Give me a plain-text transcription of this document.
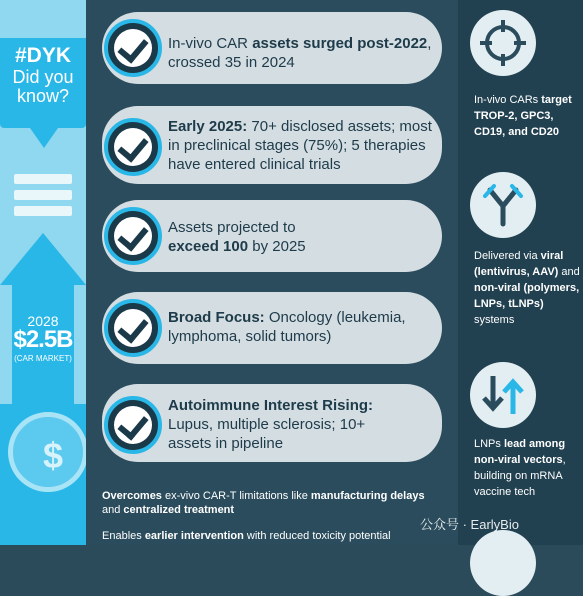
#DYK
Did you know?
2028
$2.5B
(CAR MARKET)
$
In-vivo CAR assets surged post-2022, crossed 35 in 2024
Early 2025: 70+ disclosed assets; most in preclinical stages (75%); 5 therapies have entered clinical trials
Assets projected to exceed 100 by 2025
Broad Focus: Oncology (leukemia, lymphoma, solid tumors)
Autoimmune Interest Rising: Lupus, multiple sclerosis; 10+ assets in pipeline
Overcomes ex-vivo CAR-T limitations like manufacturing delays and centralized treatment
Enables earlier intervention with reduced toxicity potential
In-vivo CARs target TROP-2, GPC3, CD19, and CD20
Delivered via viral (lentivirus, AAV) and non-viral (polymers, LNPs, tLNPs) systems
LNPs lead among non-viral vectors, building on mRNA vaccine tech
公众号 · EarlyBio
